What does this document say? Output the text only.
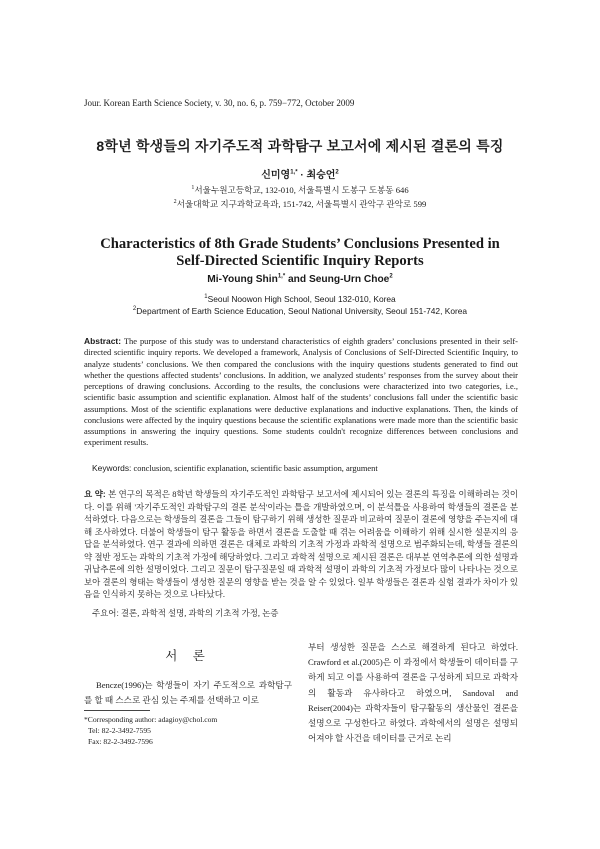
Jour. Korean Earth Science Society, v. 30, no. 6, p. 759−772, October 2009
8학년 학생들의 자기주도적 과학탐구 보고서에 제시된 결론의 특징
신미영$^{1,*}$ · 최승언$^2$
$^1$서울누원고등학교, 132-010, 서울특별시 도봉구 도봉동 646
$^2$서울대학교 지구과학교육과, 151-742, 서울특별시 관악구 관악로 599
Characteristics of 8th Grade Students’ Conclusions Presented in
Self-Directed Scientific Inquiry Reports
Mi-Young Shin$^{1,*}$ and Seung-Urn Choe$^2$
$^1$Seoul Noowon High School, Seoul 132-010, Korea
$^2$Department of Earth Science Education, Seoul National University, Seoul 151-742, Korea
Abstract: The purpose of this study was to understand characteristics of eighth graders’ conclusions presented in their self-directed scientific inquiry reports. We developed a framework, Analysis of Conclusions of Self-Directed Scientific Inquiry, to analyze students’ conclusions. We then compared the conclusions with the inquiry questions students generated to find out whether the questions affected students’ conclusions. In addition, we analyzed students’ responses from the survey about their perceptions of drawing conclusions. According to the results, the conclusions were characterized into two categories, i.e., scientific basic assumption and scientific explanation. Almost half of the students’ conclusions fall under the scientific basic assumptions. Most of the scientific explanations were deductive explanations and inductive explanations. Then, the kinds of conclusions were affected by the inquiry questions because the scientific explanations were made more than the scientific basic assumptions in answering the inquiry questions. Some students couldn't recognize differences between conclusions and experiment results.
Keywords: conclusion, scientific explanation, scientific basic assumption, argument
요 약: 본 연구의 목적은 8학년 학생들의 자기주도적인 과학탐구 보고서에 제시되어 있는 결론의 특징을 이해하려는 것이다. 이를 위해 '자기주도적인 과학탐구의 결론 분석'이라는 틀을 개발하였으며, 이 분석틀을 사용하여 학생들의 결론을 분석하였다. 다음으로는 학생들의 결론을 그들이 탐구하기 위해 생성한 질문과 비교하여 질문이 결론에 영향을 주는지에 대해 조사하였다. 더불어 학생들이 탐구 활동을 하면서 결론을 도출할 때 겪는 어려움을 이해하기 위해 실시한 설문지의 응답을 분석하였다. 연구 결과에 의하면 결론은 대체로 과학의 기초적 가정과 과학적 설명으로 범주화되는데, 학생들 결론의 약 절반 정도는 과학의 기초적 가정에 해당하였다. 그리고 과학적 설명으로 제시된 결론은 대부분 연역추론에 의한 설명과 귀납추론에 의한 설명이었다. 그리고 질문이 탐구질문일 때 과학적 설명이 과학의 기초적 가정보다 많이 나타나는 것으로 보아 결론의 형태는 학생들이 생성한 질문의 영향을 받는 것을 알 수 있었다. 일부 학생들은 결론과 실험 결과가 차이가 있음을 인식하지 못하는 것으로 나타났다.
주요어: 결론, 과학적 설명, 과학의 기초적 가정, 논증
서 론
Bencze(1996)는 학생들이 자기 주도적으로 과학탐구를 할 때 스스로 관심 있는 주제를 선택하고 이로
*Corresponding author: adagioy@chol.com
Tel: 82-2-3492-7595
Fax: 82-2-3492-7596
부터 생성한 질문을 스스로 해결하게 된다고 하였다. Crawford et al.(2005)은 이 과정에서 학생들이 데이터를 구하게 되고 이를 사용하여 결론을 구성하게 되므로 과학자의 활동과 유사하다고 하였으며, Sandoval and Reiser(2004)는 과학자들이 탐구활동의 생산물인 결론을 설명으로 구성한다고 하였다. 과학에서의 설명은 설명되어져야 할 사건을 데이터를 근거로 논리
